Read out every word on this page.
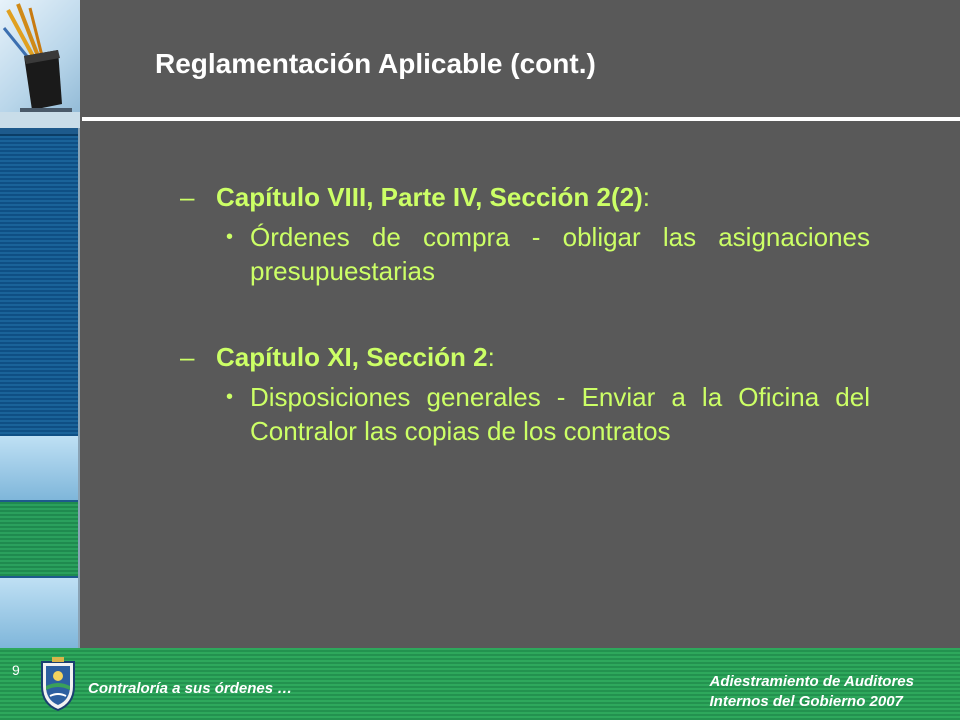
Reglamentación Aplicable (cont.)

– Capítulo VIII, Parte IV, Sección 2(2):

• Órdenes de compra - obligar las asignaciones presupuestarias

– Capítulo XI, Sección 2:

• Disposiciones generales - Enviar a la Oficina del Contralor las copias de los contratos
9
Contraloría a sus órdenes …	Adiestramiento de Auditores
Internos del Gobierno 2007
